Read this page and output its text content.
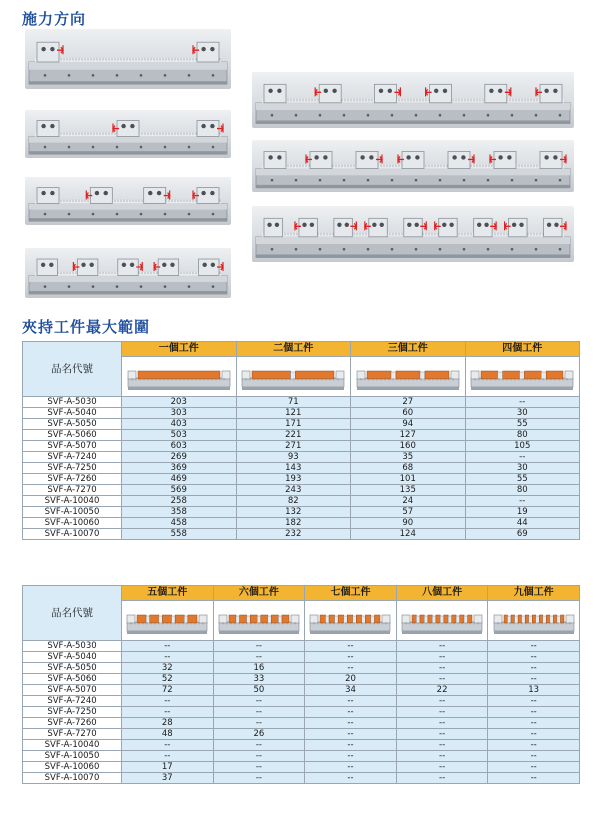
施力方向
夾持工件最大範圍
品名代號	一個工件	二個工件	三個工件	四個工件

SVF-A-5030	203	71	27	--
SVF-A-5040	303	121	60	30
SVF-A-5050	403	171	94	55
SVF-A-5060	503	221	127	80
SVF-A-5070	603	271	160	105
SVF-A-7240	269	93	35	--
SVF-A-7250	369	143	68	30
SVF-A-7260	469	193	101	55
SVF-A-7270	569	243	135	80
SVF-A-10040	258	82	24	--
SVF-A-10050	358	132	57	19
SVF-A-10060	458	182	90	44
SVF-A-10070	558	232	124	69
品名代號	五個工件	六個工件	七個工件	八個工件	九個工件

SVF-A-5030	--	--	--	--	--
SVF-A-5040	--	--	--	--	--
SVF-A-5050	32	16	--	--	--
SVF-A-5060	52	33	20	--	--
SVF-A-5070	72	50	34	22	13
SVF-A-7240	--	--	--	--	--
SVF-A-7250	--	--	--	--	--
SVF-A-7260	28	--	--	--	--
SVF-A-7270	48	26	--	--	--
SVF-A-10040	--	--	--	--	--
SVF-A-10050	--	--	--	--	--
SVF-A-10060	17	--	--	--	--
SVF-A-10070	37	--	--	--	--
